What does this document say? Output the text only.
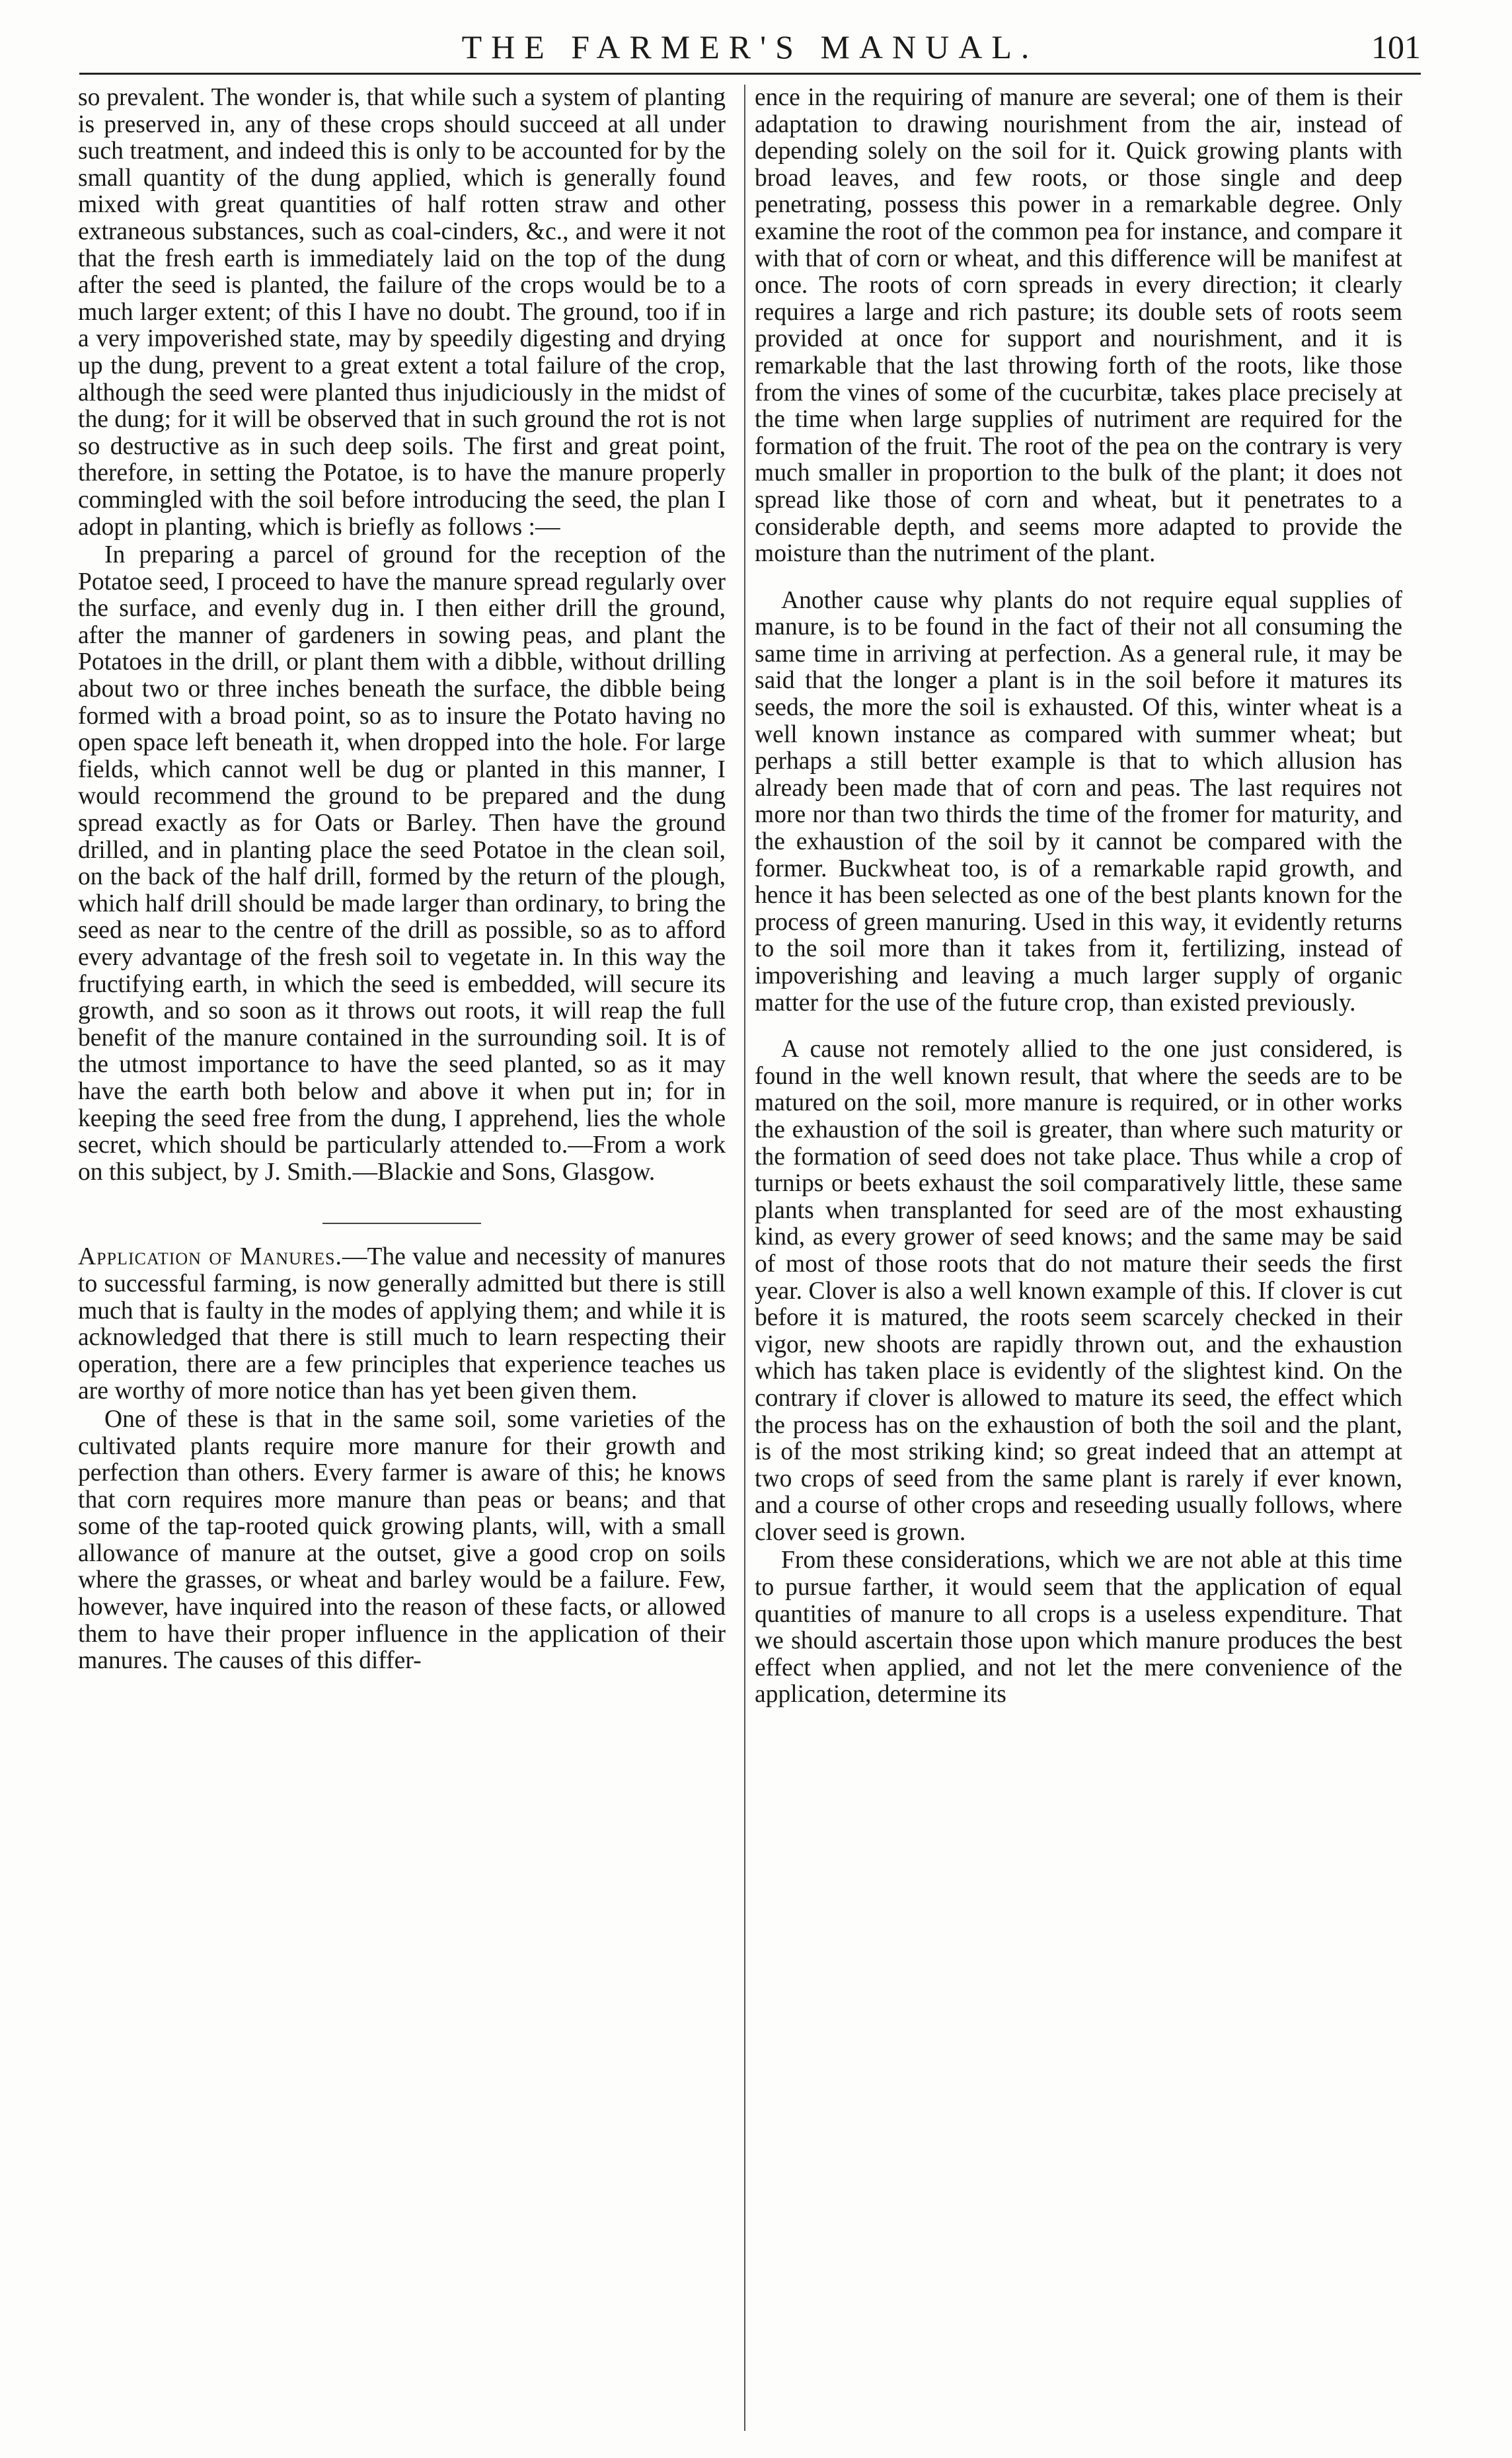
THE FARMER'S MANUAL.	101

so prevalent. The wonder is, that while such a system of planting is preserved in, any of these crops should succeed at all under such treatment, and indeed this is only to be accounted for by the small quantity of the dung applied, which is generally found mixed with great quantities of half rotten straw and other extraneous substances, such as coal-cinders, &c., and were it not that the fresh earth is immediately laid on the top of the dung after the seed is planted, the failure of the crops would be to a much larger extent; of this I have no doubt. The ground, too if in a very impoverished state, may by speedily digesting and drying up the dung, prevent to a great extent a total failure of the crop, although the seed were planted thus injudiciously in the midst of the dung; for it will be observed that in such ground the rot is not so destructive as in such deep soils. The first and great point, therefore, in setting the Potatoe, is to have the manure properly commingled with the soil before introducing the seed, the plan I adopt in planting, which is briefly as follows :—

In preparing a parcel of ground for the reception of the Potatoe seed, I proceed to have the manure spread regularly over the surface, and evenly dug in. I then either drill the ground, after the manner of gardeners in sowing peas, and plant the Potatoes in the drill, or plant them with a dibble, without drilling about two or three inches beneath the surface, the dibble being formed with a broad point, so as to insure the Potato having no open space left beneath it, when dropped into the hole. For large fields, which cannot well be dug or planted in this manner, I would recommend the ground to be prepared and the dung spread exactly as for Oats or Barley. Then have the ground drilled, and in planting place the seed Potatoe in the clean soil, on the back of the half drill, formed by the return of the plough, which half drill should be made larger than ordinary, to bring the seed as near to the centre of the drill as possible, so as to afford every advantage of the fresh soil to vegetate in. In this way the fructifying earth, in which the seed is embedded, will secure its growth, and so soon as it throws out roots, it will reap the full benefit of the manure contained in the surrounding soil. It is of the utmost importance to have the seed planted, so as it may have the earth both below and above it when put in; for in keeping the seed free from the dung, I apprehend, lies the whole secret, which should be particularly attended to.—From a work on this subject, by J. Smith.—Blackie and Sons, Glasgow.

Application of Manures.—The value and necessity of manures to successful farming, is now generally admitted but there is still much that is faulty in the modes of applying them; and while it is acknowledged that there is still much to learn respecting their operation, there are a few principles that experience teaches us are worthy of more notice than has yet been given them.

One of these is that in the same soil, some varieties of the cultivated plants require more manure for their growth and perfection than others. Every farmer is aware of this; he knows that corn requires more manure than peas or beans; and that some of the tap-rooted quick growing plants, will, with a small allowance of manure at the outset, give a good crop on soils where the grasses, or wheat and barley would be a failure. Few, however, have inquired into the reason of these facts, or allowed them to have their proper influence in the application of their manures. The causes of this differ-

ence in the requiring of manure are several; one of them is their adaptation to drawing nourishment from the air, instead of depending solely on the soil for it. Quick growing plants with broad leaves, and few roots, or those single and deep penetrating, possess this power in a remarkable degree. Only examine the root of the common pea for instance, and compare it with that of corn or wheat, and this difference will be manifest at once. The roots of corn spreads in every direction; it clearly requires a large and rich pasture; its double sets of roots seem provided at once for support and nourishment, and it is remarkable that the last throwing forth of the roots, like those from the vines of some of the cucurbitæ, takes place precisely at the time when large supplies of nutriment are required for the formation of the fruit. The root of the pea on the contrary is very much smaller in proportion to the bulk of the plant; it does not spread like those of corn and wheat, but it penetrates to a considerable depth, and seems more adapted to provide the moisture than the nutriment of the plant.

Another cause why plants do not require equal supplies of manure, is to be found in the fact of their not all consuming the same time in arriving at perfection. As a general rule, it may be said that the longer a plant is in the soil before it matures its seeds, the more the soil is exhausted. Of this, winter wheat is a well known instance as compared with summer wheat; but perhaps a still better example is that to which allusion has already been made that of corn and peas. The last requires not more nor than two thirds the time of the fromer for maturity, and the exhaustion of the soil by it cannot be compared with the former. Buckwheat too, is of a remarkable rapid growth, and hence it has been selected as one of the best plants known for the process of green manuring. Used in this way, it evidently returns to the soil more than it takes from it, fertilizing, instead of impoverishing and leaving a much larger supply of organic matter for the use of the future crop, than existed previously.

A cause not remotely allied to the one just considered, is found in the well known result, that where the seeds are to be matured on the soil, more manure is required, or in other works the exhaustion of the soil is greater, than where such maturity or the formation of seed does not take place. Thus while a crop of turnips or beets exhaust the soil comparatively little, these same plants when transplanted for seed are of the most exhausting kind, as every grower of seed knows; and the same may be said of most of those roots that do not mature their seeds the first year. Clover is also a well known example of this. If clover is cut before it is matured, the roots seem scarcely checked in their vigor, new shoots are rapidly thrown out, and the exhaustion which has taken place is evidently of the slightest kind. On the contrary if clover is allowed to mature its seed, the effect which the process has on the exhaustion of both the soil and the plant, is of the most striking kind; so great indeed that an attempt at two crops of seed from the same plant is rarely if ever known, and a course of other crops and reseeding usually follows, where clover seed is grown.

From these considerations, which we are not able at this time to pursue farther, it would seem that the application of equal quantities of manure to all crops is a useless expenditure. That we should ascertain those upon which manure produces the best effect when applied, and not let the mere convenience of the application, determine its
